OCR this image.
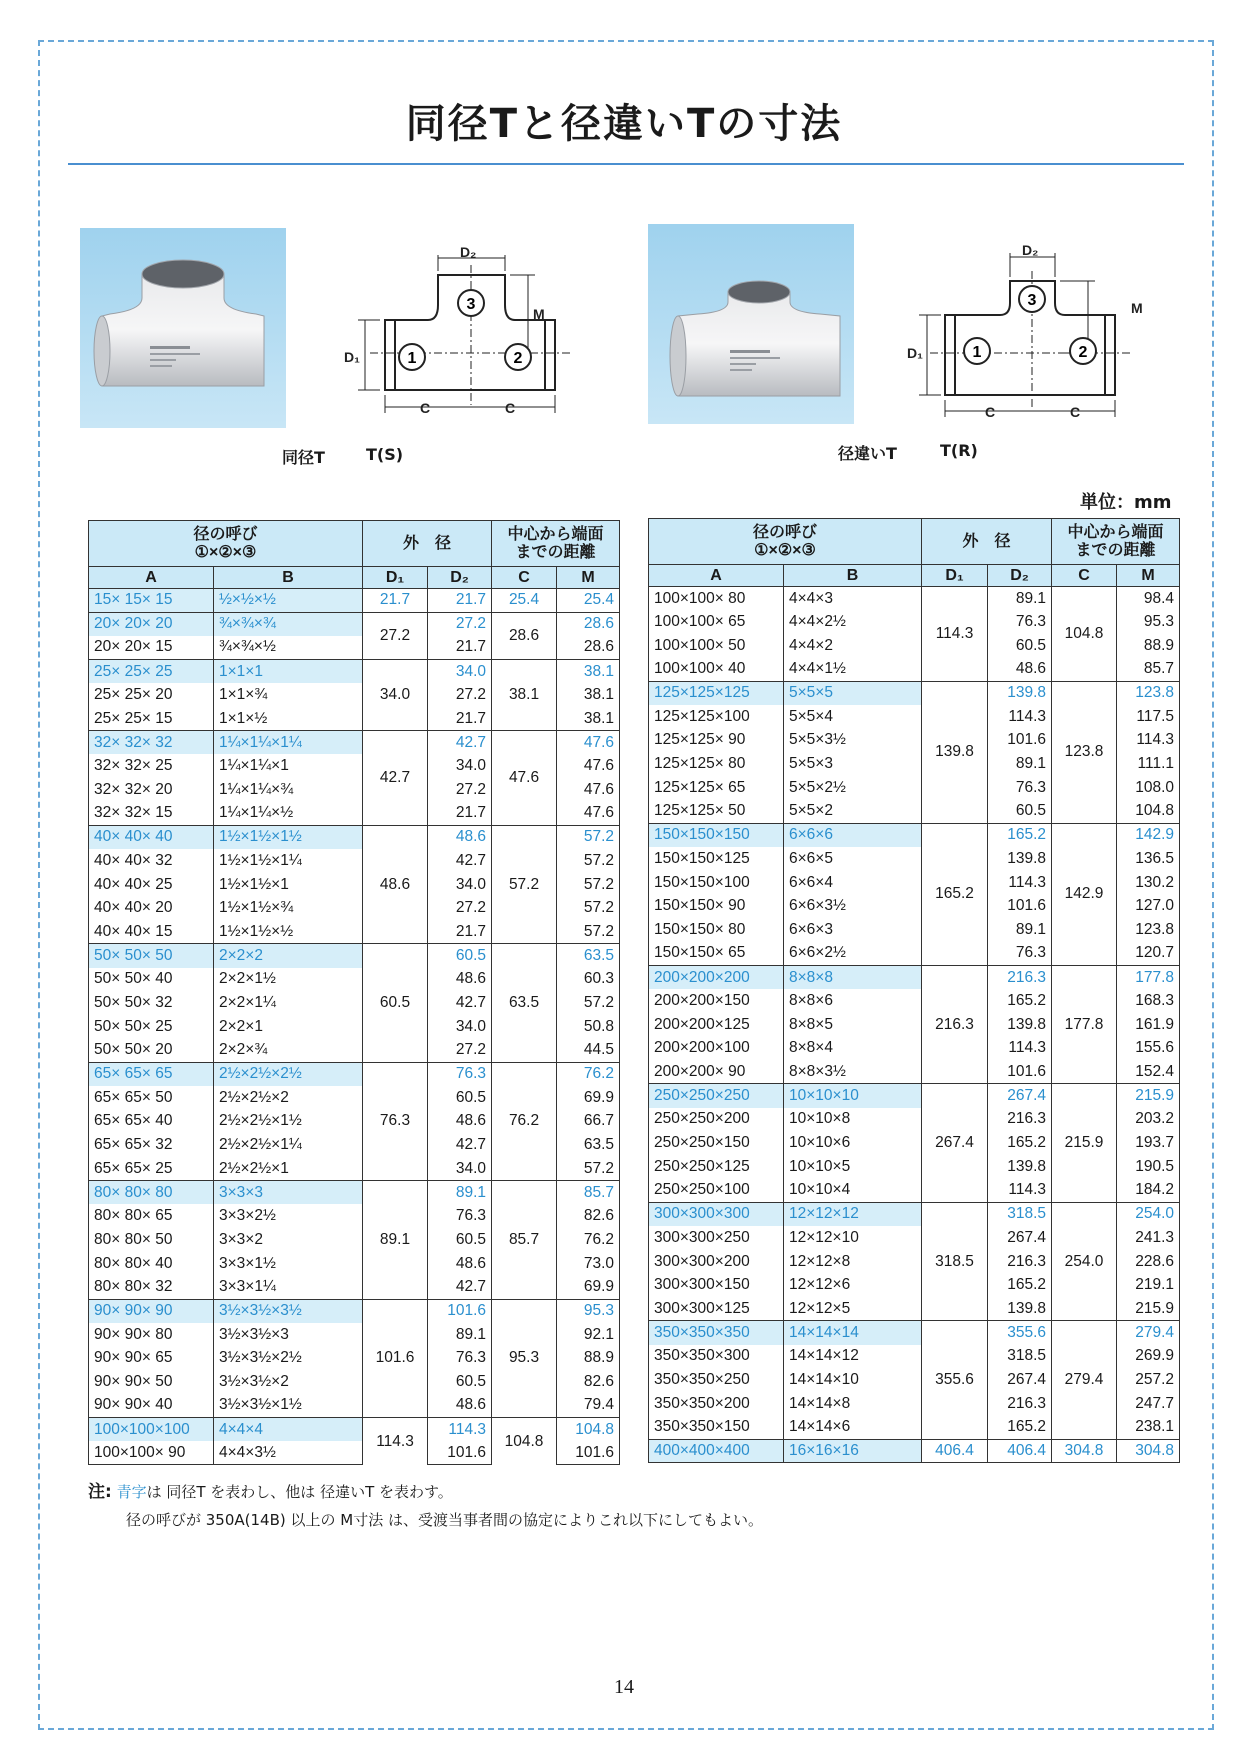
同径Tと径違いTの寸法
3
1	2
D₂
M
D₁
C	C
同径T	T(S)
3
1	2
D₂
M
D₁
C	C
径違いT	T(R)
単位：mm
径の呼び
①×②×③		外　径		中心から端面
までの距離	
A	B	D₁	D₂	C	M
15× 15× 15	½×½×½	21.7	21.7	25.4	25.4
20× 20× 20	¾×¾×¾	27.2	27.2	28.6	28.6
20× 20× 15	¾×¾×½		21.7		28.6
25× 25× 25	1×1×1	34.0	34.0	38.1	38.1
25× 25× 20	1×1×¾		27.2		38.1
25× 25× 15	1×1×½		21.7		38.1
32× 32× 32	1¼×1¼×1¼	42.7	42.7	47.6	47.6
32× 32× 25	1¼×1¼×1		34.0		47.6
32× 32× 20	1¼×1¼×¾		27.2		47.6
32× 32× 15	1¼×1¼×½		21.7		47.6
40× 40× 40	1½×1½×1½	48.6	48.6	57.2	57.2
40× 40× 32	1½×1½×1¼		42.7		57.2
40× 40× 25	1½×1½×1		34.0		57.2
40× 40× 20	1½×1½×¾		27.2		57.2
40× 40× 15	1½×1½×½		21.7		57.2
50× 50× 50	2×2×2	60.5	60.5	63.5	63.5
50× 50× 40	2×2×1½		48.6		60.3
50× 50× 32	2×2×1¼		42.7		57.2
50× 50× 25	2×2×1		34.0		50.8
50× 50× 20	2×2×¾		27.2		44.5
65× 65× 65	2½×2½×2½	76.3	76.3	76.2	76.2
65× 65× 50	2½×2½×2		60.5		69.9
65× 65× 40	2½×2½×1½		48.6		66.7
65× 65× 32	2½×2½×1¼		42.7		63.5
65× 65× 25	2½×2½×1		34.0		57.2
80× 80× 80	3×3×3	89.1	89.1	85.7	85.7
80× 80× 65	3×3×2½		76.3		82.6
80× 80× 50	3×3×2		60.5		76.2
80× 80× 40	3×3×1½		48.6		73.0
80× 80× 32	3×3×1¼		42.7		69.9
90× 90× 90	3½×3½×3½	101.6	101.6	95.3	95.3
90× 90× 80	3½×3½×3		89.1		92.1
90× 90× 65	3½×3½×2½		76.3		88.9
90× 90× 50	3½×3½×2		60.5		82.6
90× 90× 40	3½×3½×1½		48.6		79.4
100×100×100	4×4×4	114.3	114.3	104.8	104.8
100×100× 90	4×4×3½		101.6		101.6
径の呼び
①×②×③		外　径		中心から端面
までの距離	
A	B	D₁	D₂	C	M
100×100× 80	4×4×3	114.3	89.1	104.8	98.4
100×100× 65	4×4×2½		76.3		95.3
100×100× 50	4×4×2		60.5		88.9
100×100× 40	4×4×1½		48.6		85.7
125×125×125	5×5×5	139.8	139.8	123.8	123.8
125×125×100	5×5×4		114.3		117.5
125×125× 90	5×5×3½		101.6		114.3
125×125× 80	5×5×3		89.1		111.1
125×125× 65	5×5×2½		76.3		108.0
125×125× 50	5×5×2		60.5		104.8
150×150×150	6×6×6	165.2	165.2	142.9	142.9
150×150×125	6×6×5		139.8		136.5
150×150×100	6×6×4		114.3		130.2
150×150× 90	6×6×3½		101.6		127.0
150×150× 80	6×6×3		89.1		123.8
150×150× 65	6×6×2½		76.3		120.7
200×200×200	8×8×8	216.3	216.3	177.8	177.8
200×200×150	8×8×6		165.2		168.3
200×200×125	8×8×5		139.8		161.9
200×200×100	8×8×4		114.3		155.6
200×200× 90	8×8×3½		101.6		152.4
250×250×250	10×10×10	267.4	267.4	215.9	215.9
250×250×200	10×10×8		216.3		203.2
250×250×150	10×10×6		165.2		193.7
250×250×125	10×10×5		139.8		190.5
250×250×100	10×10×4		114.3		184.2
300×300×300	12×12×12	318.5	318.5	254.0	254.0
300×300×250	12×12×10		267.4		241.3
300×300×200	12×12×8		216.3		228.6
300×300×150	12×12×6		165.2		219.1
300×300×125	12×12×5		139.8		215.9
350×350×350	14×14×14	355.6	355.6	279.4	279.4
350×350×300	14×14×12		318.5		269.9
350×350×250	14×14×10		267.4		257.2
350×350×200	14×14×8		216.3		247.7
350×350×150	14×14×6		165.2		238.1
400×400×400	16×16×16	406.4	406.4	304.8	304.8
注: 青字は 同径T を表わし、他は 径違いT を表わす。
径の呼びが 350A(14B) 以上の M寸法 は、受渡当事者間の協定によりこれ以下にしてもよい。
14
